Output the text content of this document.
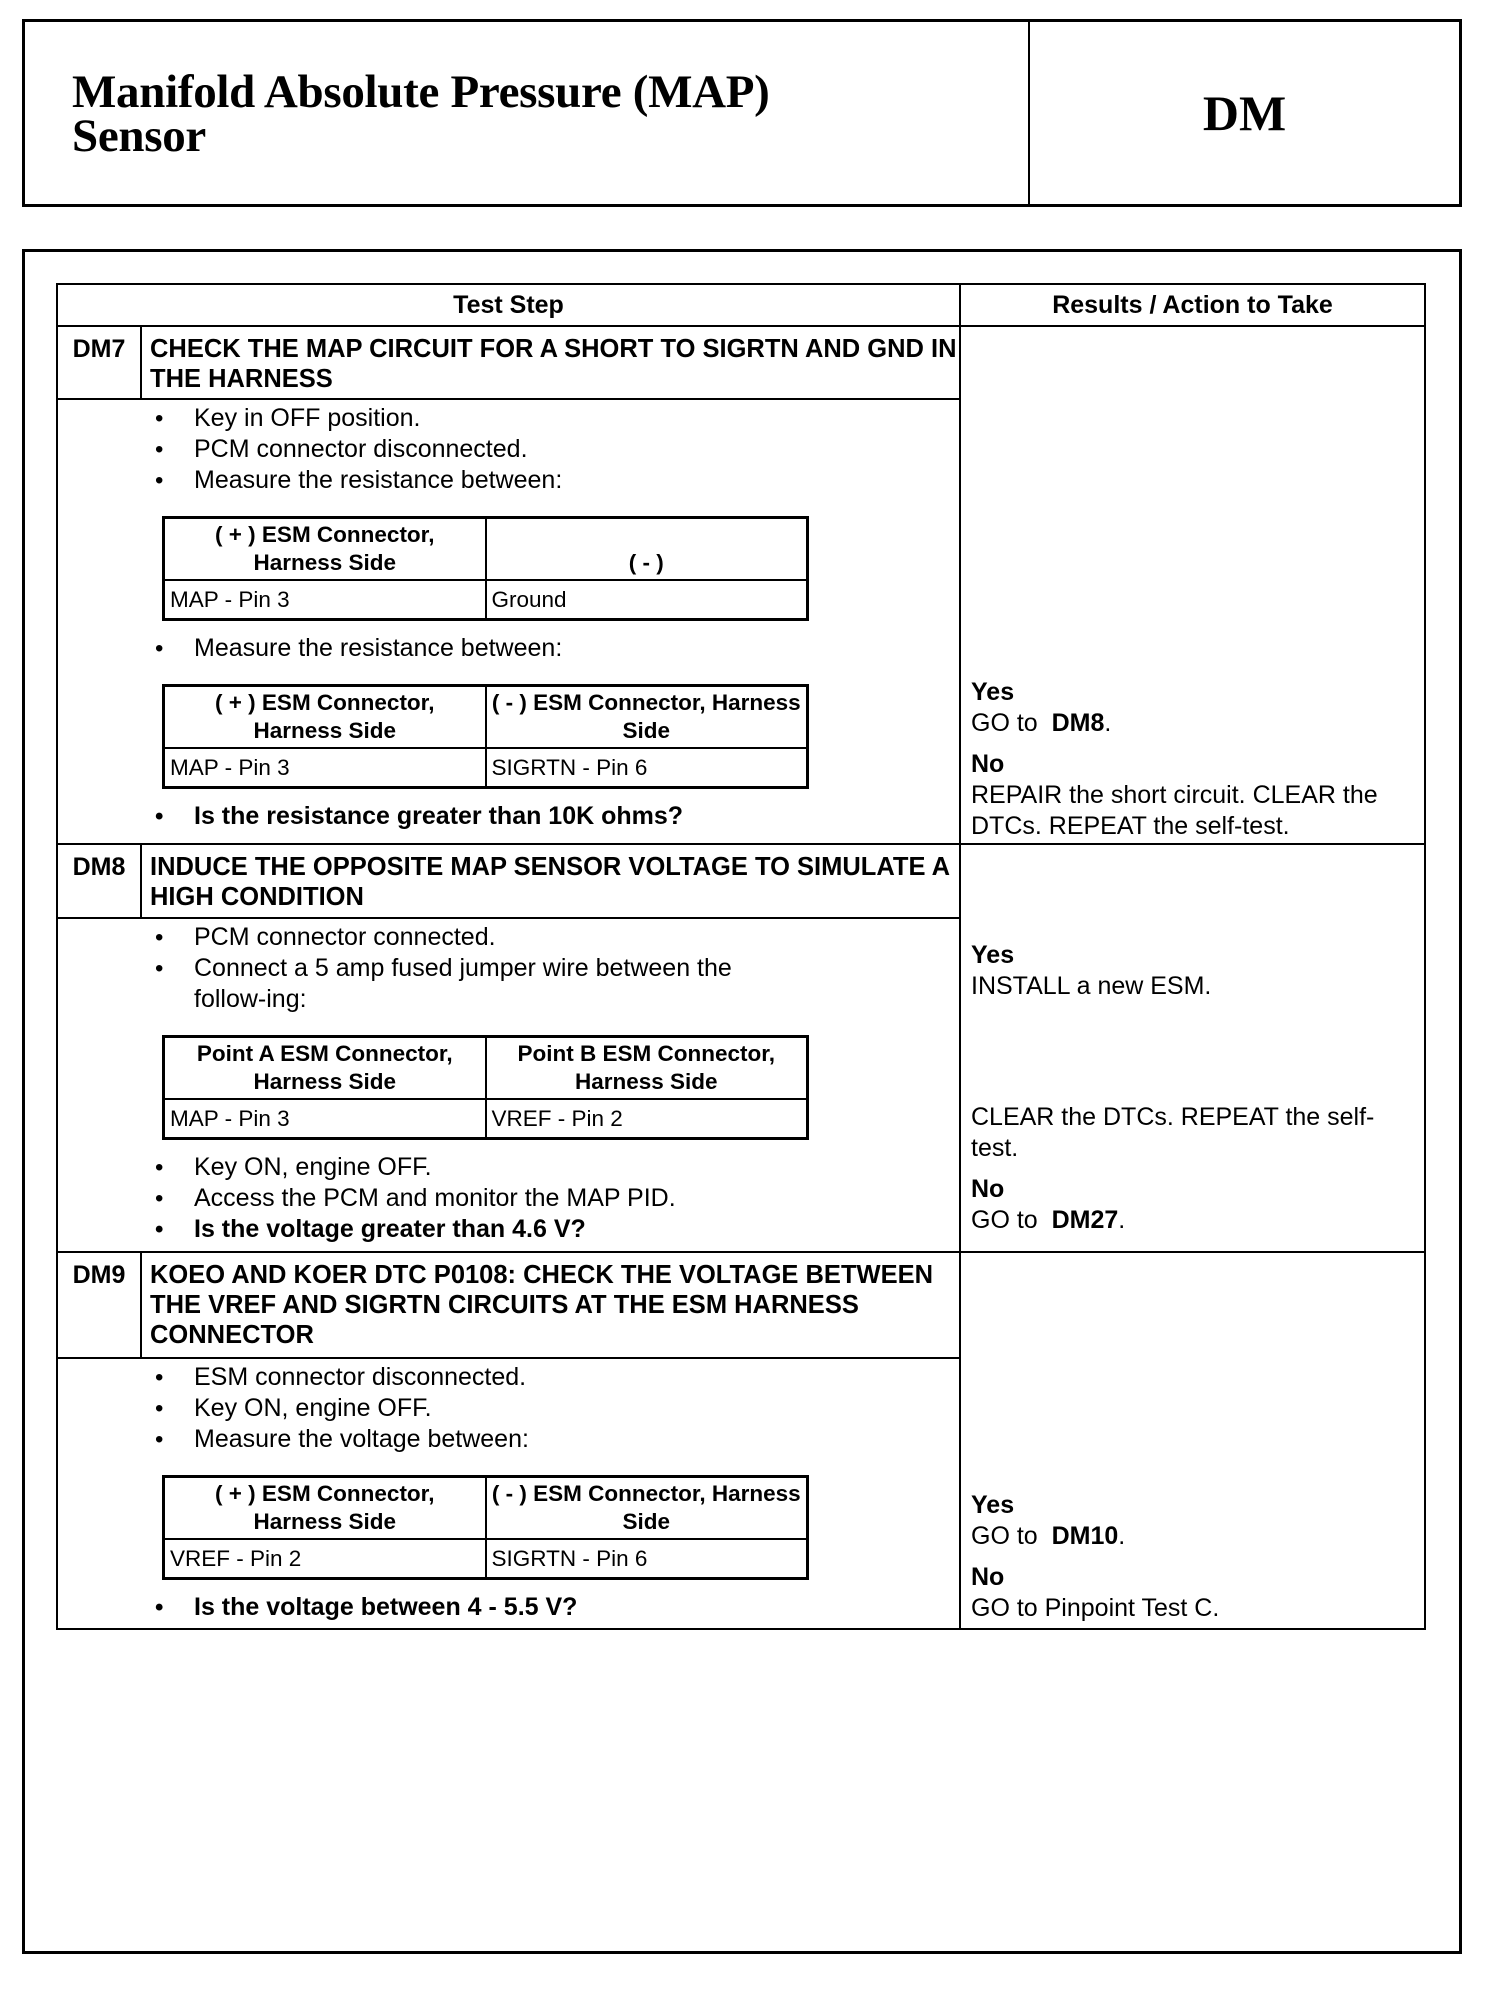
Manifold Absolute Pressure (MAP)
Sensor	DM
Test Step	Results / Action to Take
DM7 CHECK THE MAP CIRCUIT FOR A SHORT TO SIGRTN AND GND IN THE HARNESS
• Key in OFF position.
• PCM connector disconnected.
• Measure the resistance between:
( + ) ESM Connector, Harness Side	( - )
MAP - Pin 3	Ground
• Measure the resistance between:
( + ) ESM Connector, Harness Side	( - ) ESM Connector, Harness Side
MAP - Pin 3	SIGRTN - Pin 6
• Is the resistance greater than 10K ohms?
Yes
GO to DM8.
No
REPAIR the short circuit. CLEAR the DTCs. REPEAT the self-test.
DM8 INDUCE THE OPPOSITE MAP SENSOR VOLTAGE TO SIMULATE A HIGH CONDITION
• PCM connector connected.
• Connect a 5 amp fused jumper wire between the follow-ing:
Point A ESM Connector, Harness Side	Point B ESM Connector, Harness Side
MAP - Pin 3	VREF - Pin 2
• Key ON, engine OFF.
• Access the PCM and monitor the MAP PID.
• Is the voltage greater than 4.6 V?
Yes
INSTALL a new ESM.
CLEAR the DTCs. REPEAT the self-test.
No
GO to DM27.
DM9 KOEO AND KOER DTC P0108: CHECK THE VOLTAGE BETWEEN THE VREF AND SIGRTN CIRCUITS AT THE ESM HARNESS CONNECTOR
• ESM connector disconnected.
• Key ON, engine OFF.
• Measure the voltage between:
( + ) ESM Connector, Harness Side	( - ) ESM Connector, Harness Side
VREF - Pin 2	SIGRTN - Pin 6
• Is the voltage between 4 - 5.5 V?
Yes
GO to DM10.
No
GO to Pinpoint Test C.
